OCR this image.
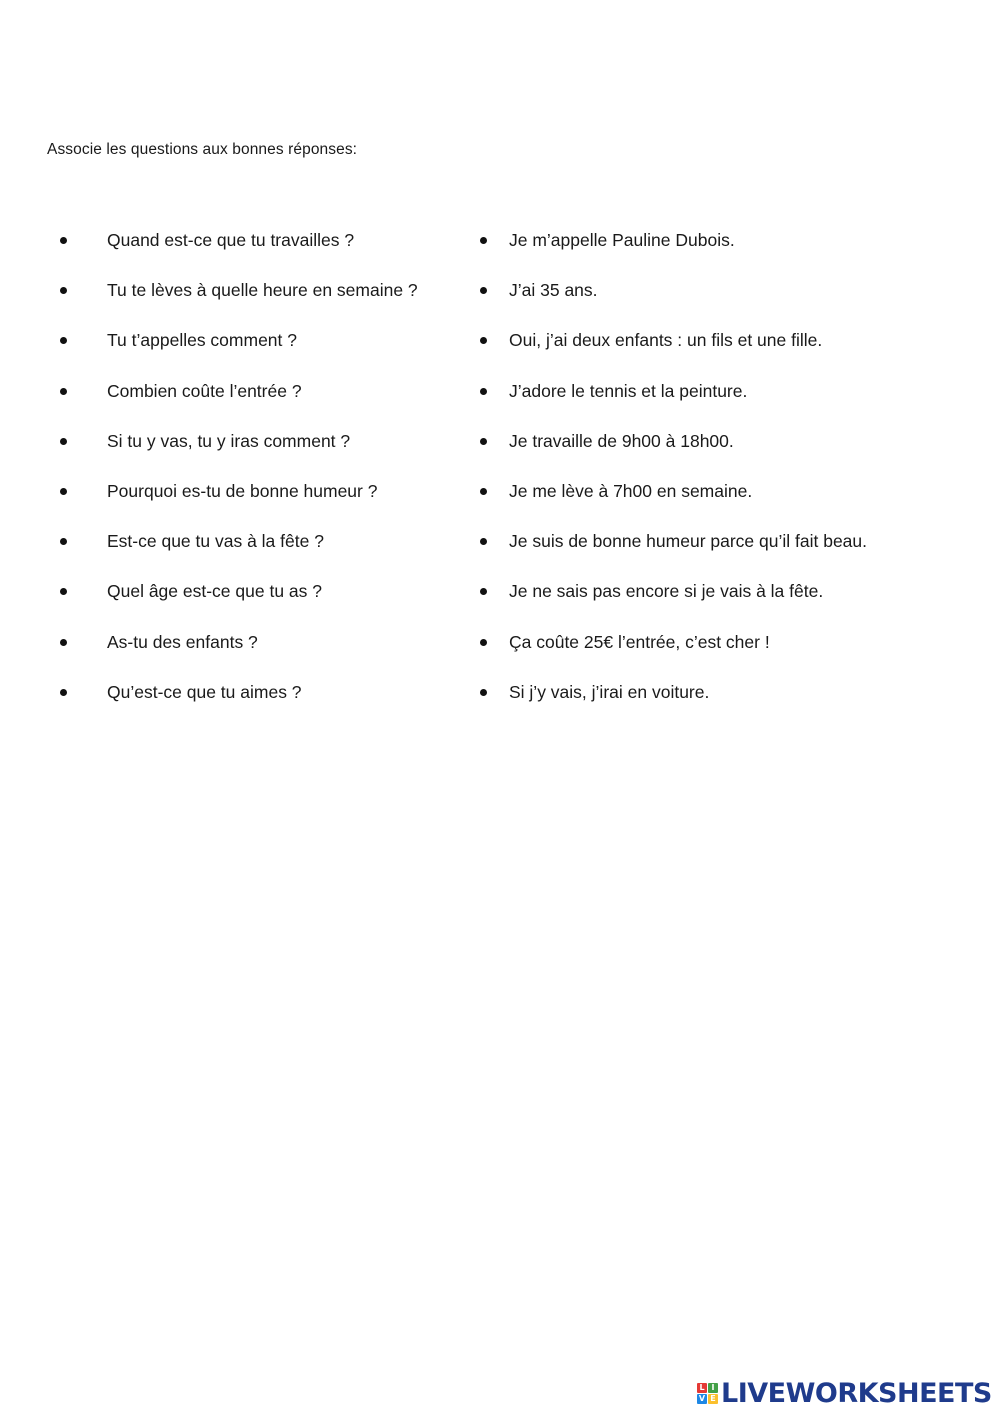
Associe les questions aux bonnes réponses:
Quand est-ce que tu travailles ?
Tu te lèves à quelle heure en semaine ?
Tu t’appelles comment ?
Combien coûte l’entrée ?
Si tu y vas, tu y iras comment ?
Pourquoi es-tu de bonne humeur ?
Est-ce que tu vas à la fête ?
Quel âge est-ce que tu as ?
As-tu des enfants ?
Qu’est-ce que tu aimes ?
Je m’appelle Pauline Dubois.
J’ai 35 ans.
Oui, j’ai deux enfants : un fils et une fille.
J’adore le tennis et la peinture.
Je travaille de 9h00 à 18h00.
Je me lève à 7h00 en semaine.
Je suis de bonne humeur parce qu’il fait beau.
Je ne sais pas encore si je vais à la fête.
Ça coûte 25€ l’entrée, c’est cher !
Si j’y vais, j’irai en voiture.
L I
V E LIVEWORKSHEETS
